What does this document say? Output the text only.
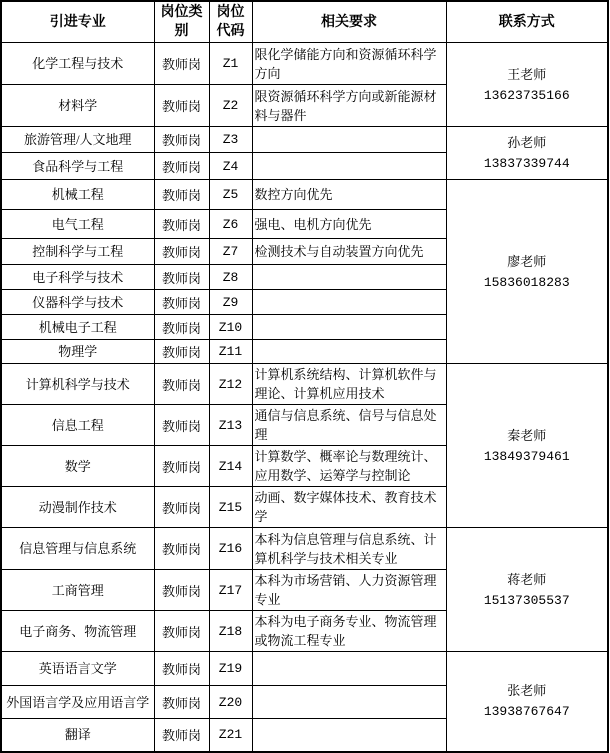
引进专业	岗位类别	岗位代码	相关要求	联系方式
化学工程与技术	教师岗	Z1	限化学储能方向和资源循环科学方向	王老师
13623735166

材料学	教师岗	Z2	限资源循环科学方向或新能源材料与器件	
旅游管理/人文地理	教师岗	Z3		孙老师
13837339744

食品科学与工程	教师岗	Z4		
机械工程	教师岗	Z5	数控方向优先	廖老师
15836018283

电气工程	教师岗	Z6	强电、电机方向优先	
控制科学与工程	教师岗	Z7	检测技术与自动装置方向优先	
电子科学与技术	教师岗	Z8		
仪器科学与技术	教师岗	Z9		
机械电子工程	教师岗	Z10		
物理学	教师岗	Z11		
计算机科学与技术	教师岗	Z12	计算机系统结构、计算机软件与理论、计算机应用技术	秦老师
13849379461

信息工程	教师岗	Z13	通信与信息系统、信号与信息处理	
数学	教师岗	Z14	计算数学、概率论与数理统计、应用数学、运筹学与控制论	
动漫制作技术	教师岗	Z15	动画、数字媒体技术、教育技术学	
信息管理与信息系统	教师岗	Z16	本科为信息管理与信息系统、计算机科学与技术相关专业	蒋老师
15137305537

工商管理	教师岗	Z17	本科为市场营销、人力资源管理专业	
电子商务、物流管理	教师岗	Z18	本科为电子商务专业、物流管理或物流工程专业	
英语语言文学	教师岗	Z19		张老师
13938767647

外国语言学及应用语言学	教师岗	Z20		
翻译	教师岗	Z21		
